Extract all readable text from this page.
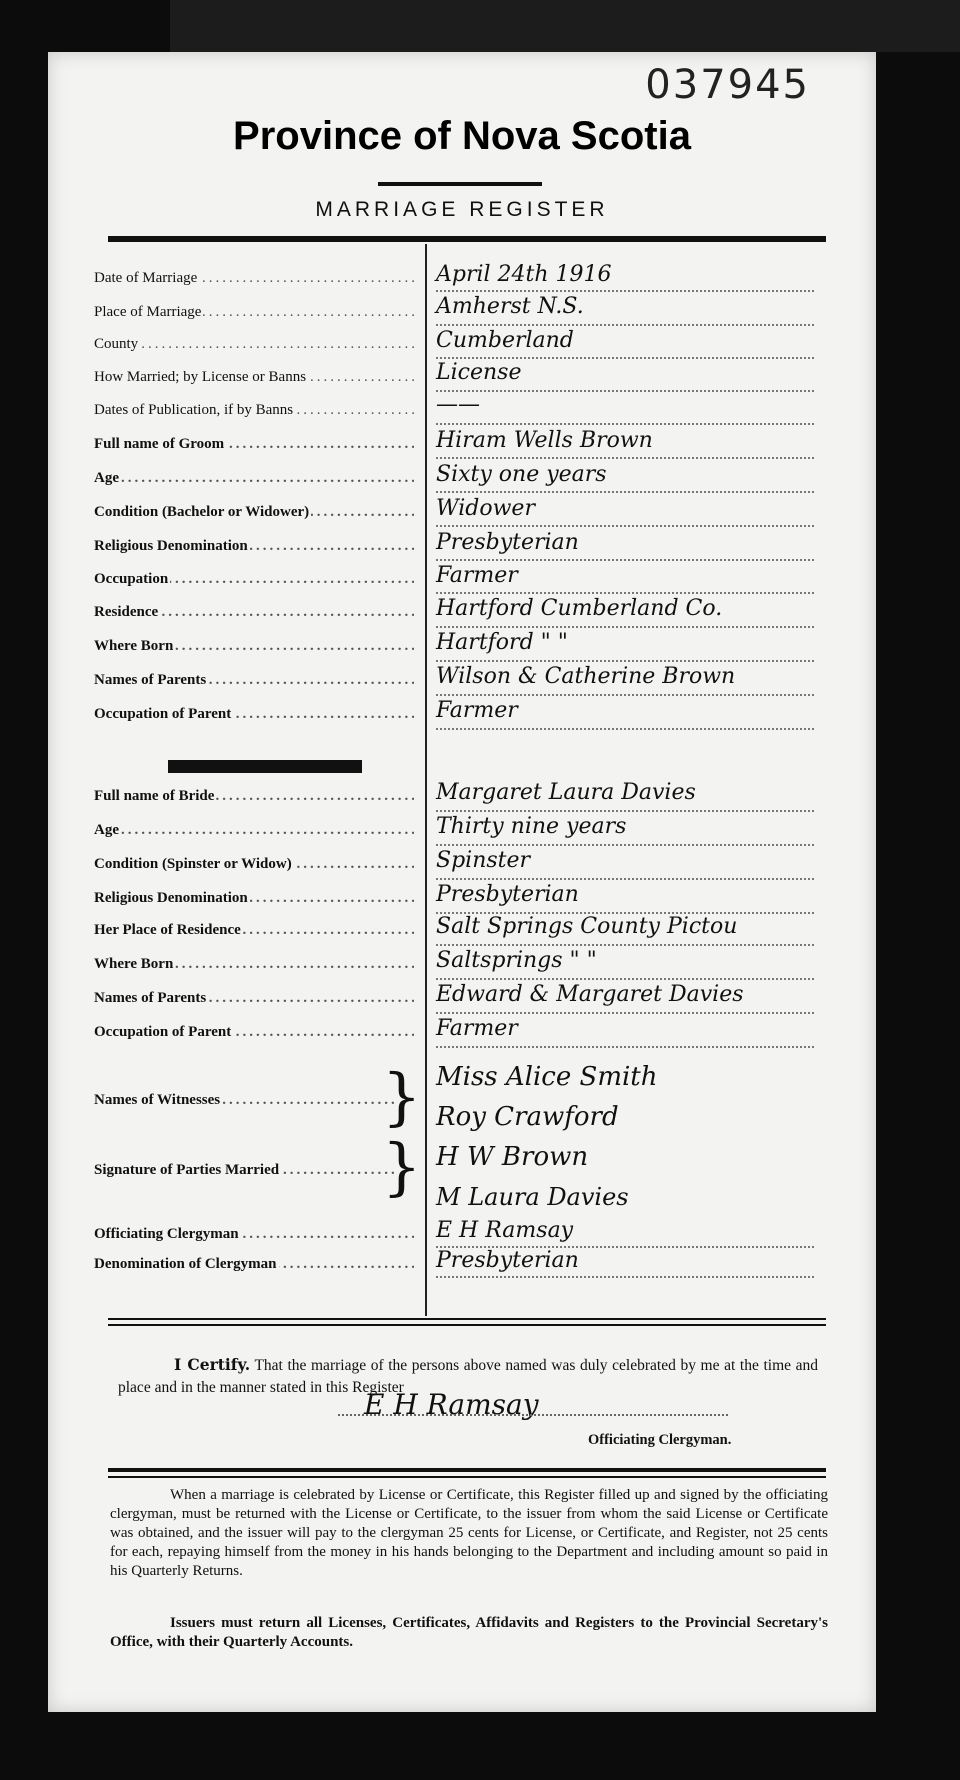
037945
Province of Nova Scotia
MARRIAGE REGISTER
Date of Marriage .....
Place of Marriage .....
County .....
How Married; by License or Banns .....
Dates of Publication, if by Banns .....
Full name of Groom .....
Age .....
Condition (Bachelor or Widower) .....
Religious Denomination .....
Occupation .....
Residence .....
Where Born .....
Names of Parents .....
Occupation of Parent .....
Full name of Bride .....
Age .....
Condition (Spinster or Widow) .....
Religious Denomination .....
Her Place of Residence .....
Where Born .....
Names of Parents .....
Occupation of Parent .....
Names of Witnesses .....	}
Signature of Parties Married .....	}
Officiating Clergyman .....
Denomination of Clergyman .....
April 24th 1916
Amherst N.S.
Cumberland
License
——
Hiram Wells Brown
Sixty one years
Widower
Presbyterian
Farmer
Hartford Cumberland Co.
Hartford " "
Wilson & Catherine Brown
Farmer
Margaret Laura Davies
Thirty nine years
Spinster
Presbyterian
Salt Springs County Pictou
Saltsprings " "
Edward & Margaret Davies
Farmer
Miss Alice Smith
Roy Crawford
H W Brown
M Laura Davies
E H Ramsay
Presbyterian
I Certify. That the marriage of the persons above named was duly celebrated by me at the time and place and in the manner stated in this Register
E H Ramsay
Officiating Clergyman.
When a marriage is celebrated by License or Certificate, this Register filled up and signed by the officiating clergyman, must be returned with the License or Certificate, to the issuer from whom the said License or Certificate was obtained, and the issuer will pay to the clergyman 25 cents for License, or Certificate, and Register, not 25 cents for each, repaying himself from the money in his hands belonging to the Department and including amount so paid in his Quarterly Returns.
Issuers must return all Licenses, Certificates, Affidavits and Registers to the Provincial Secretary's Office, with their Quarterly Accounts.
